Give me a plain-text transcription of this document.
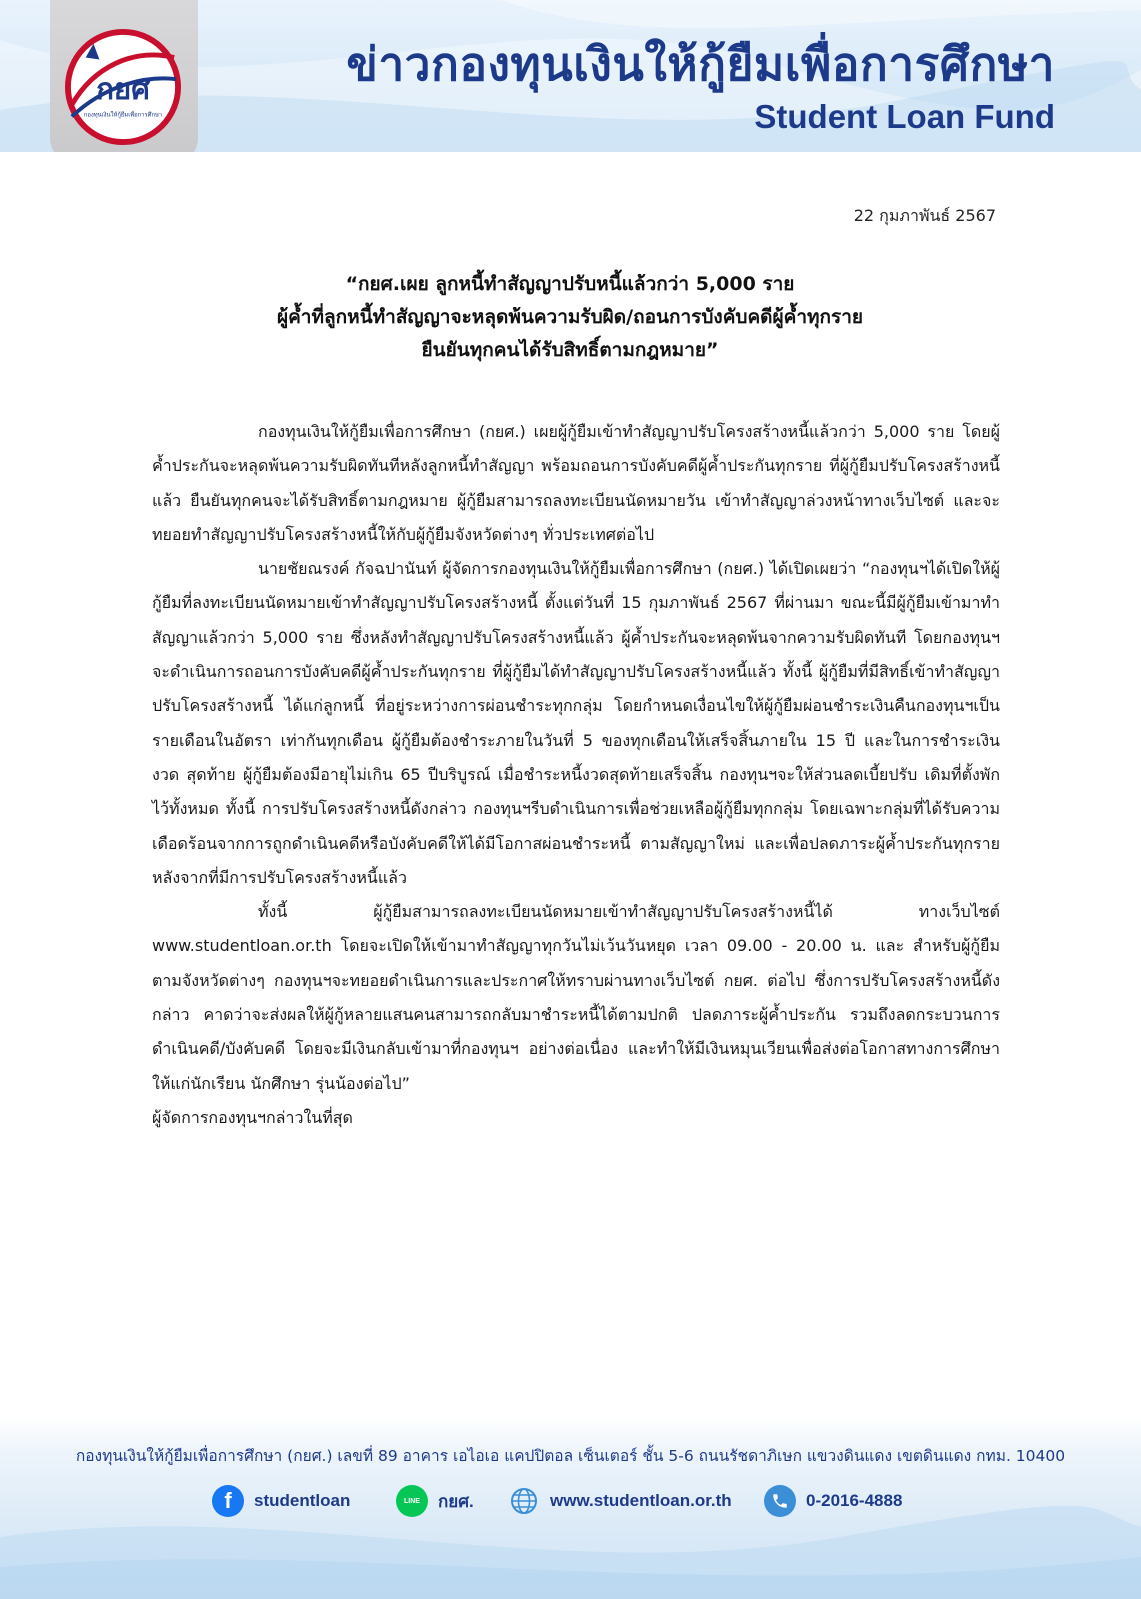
กยศ
กองทุนเงินให้กู้ยืมเพื่อการศึกษา
ข่าวกองทุนเงินให้กู้ยืมเพื่อการศึกษา
Student Loan Fund
22 กุมภาพันธ์ 2567
“กยศ.เผย ลูกหนี้ทำสัญญาปรับหนี้แล้วกว่า 5,000 ราย
ผู้ค้ำที่ลูกหนี้ทำสัญญาจะหลุดพ้นความรับผิด/ถอนการบังคับคดีผู้ค้ำทุกราย
ยืนยันทุกคนได้รับสิทธิ์ตามกฎหมาย”

กองทุนเงินให้กู้ยืมเพื่อการศึกษา (กยศ.) เผยผู้กู้ยืมเข้าทำสัญญาปรับโครงสร้างหนี้แล้วกว่า 5,000 ราย โดยผู้ค้ำประกันจะหลุดพ้นความรับผิดทันทีหลังลูกหนี้ทำสัญญา พร้อมถอนการบังคับคดีผู้ค้ำประกันทุกราย ที่ผู้กู้ยืมปรับโครงสร้างหนี้แล้ว ยืนยันทุกคนจะได้รับสิทธิ์ตามกฎหมาย ผู้กู้ยืมสามารถลงทะเบียนนัดหมายวัน เข้าทำสัญญาล่วงหน้าทางเว็บไซต์ และจะทยอยทำสัญญาปรับโครงสร้างหนี้ให้กับผู้กู้ยืมจังหวัดต่างๆ ทั่วประเทศต่อไป

นายชัยณรงค์ กัจฉปานันท์ ผู้จัดการกองทุนเงินให้กู้ยืมเพื่อการศึกษา (กยศ.) ได้เปิดเผยว่า “กองทุนฯได้เปิดให้ผู้กู้ยืมที่ลงทะเบียนนัดหมายเข้าทำสัญญาปรับโครงสร้างหนี้ ตั้งแต่วันที่ 15 กุมภาพันธ์ 2567 ที่ผ่านมา ขณะนี้มีผู้กู้ยืมเข้ามาทำสัญญาแล้วกว่า 5,000 ราย ซึ่งหลังทำสัญญาปรับโครงสร้างหนี้แล้ว ผู้ค้ำประกันจะหลุดพ้นจากความรับผิดทันที โดยกองทุนฯจะดำเนินการถอนการบังคับคดีผู้ค้ำประกันทุกราย ที่ผู้กู้ยืมได้ทำสัญญาปรับโครงสร้างหนี้แล้ว ทั้งนี้ ผู้กู้ยืมที่มีสิทธิ์เข้าทำสัญญาปรับโครงสร้างหนี้ ได้แก่ลูกหนี้ ที่อยู่ระหว่างการผ่อนชำระทุกกลุ่ม โดยกำหนดเงื่อนไขให้ผู้กู้ยืมผ่อนชำระเงินคืนกองทุนฯเป็นรายเดือนในอัตรา เท่ากันทุกเดือน ผู้กู้ยืมต้องชำระภายในวันที่ 5 ของทุกเดือนให้เสร็จสิ้นภายใน 15 ปี และในการชำระเงินงวด สุดท้าย ผู้กู้ยืมต้องมีอายุไม่เกิน 65 ปีบริบูรณ์ เมื่อชำระหนี้งวดสุดท้ายเสร็จสิ้น กองทุนฯจะให้ส่วนลดเบี้ยปรับ เดิมที่ตั้งพักไว้ทั้งหมด ทั้งนี้ การปรับโครงสร้างหนี้ดังกล่าว กองทุนฯรีบดำเนินการเพื่อช่วยเหลือผู้กู้ยืมทุกกลุ่ม โดยเฉพาะกลุ่มที่ได้รับความเดือดร้อนจากการถูกดำเนินคดีหรือบังคับคดีให้ได้มีโอกาสผ่อนชำระหนี้ ตามสัญญาใหม่ และเพื่อปลดภาระผู้ค้ำประกันทุกรายหลังจากที่มีการปรับโครงสร้างหนี้แล้ว

ทั้งนี้ ผู้กู้ยืมสามารถลงทะเบียนนัดหมายเข้าทำสัญญาปรับโครงสร้างหนี้ได้ ทางเว็บไซต์ www.studentloan.or.th โดยจะเปิดให้เข้ามาทำสัญญาทุกวันไม่เว้นวันหยุด เวลา 09.00 - 20.00 น. และ สำหรับผู้กู้ยืมตามจังหวัดต่างๆ กองทุนฯจะทยอยดำเนินการและประกาศให้ทราบผ่านทางเว็บไซต์ กยศ. ต่อไป ซึ่งการปรับโครงสร้างหนี้ดังกล่าว คาดว่าจะส่งผลให้ผู้กู้หลายแสนคนสามารถกลับมาชำระหนี้ได้ตามปกติ ปลดภาระผู้ค้ำประกัน รวมถึงลดกระบวนการดำเนินคดี/บังคับคดี โดยจะมีเงินกลับเข้ามาที่กองทุนฯ อย่างต่อเนื่อง และทำให้มีเงินหมุนเวียนเพื่อส่งต่อโอกาสทางการศึกษาให้แก่นักเรียน นักศึกษา รุ่นน้องต่อไป”

ผู้จัดการกองทุนฯกล่าวในที่สุด

กองทุนเงินให้กู้ยืมเพื่อการศึกษา (กยศ.) เลขที่ 89 อาคาร เอไอเอ แคปปิตอล เซ็นเตอร์ ชั้น 5-6 ถนนรัชดาภิเษก แขวงดินแดง เขตดินแดง กทม. 10400
f	studentloan	LINE	กยศ.	www.studentloan.or.th	0-2016-4888
